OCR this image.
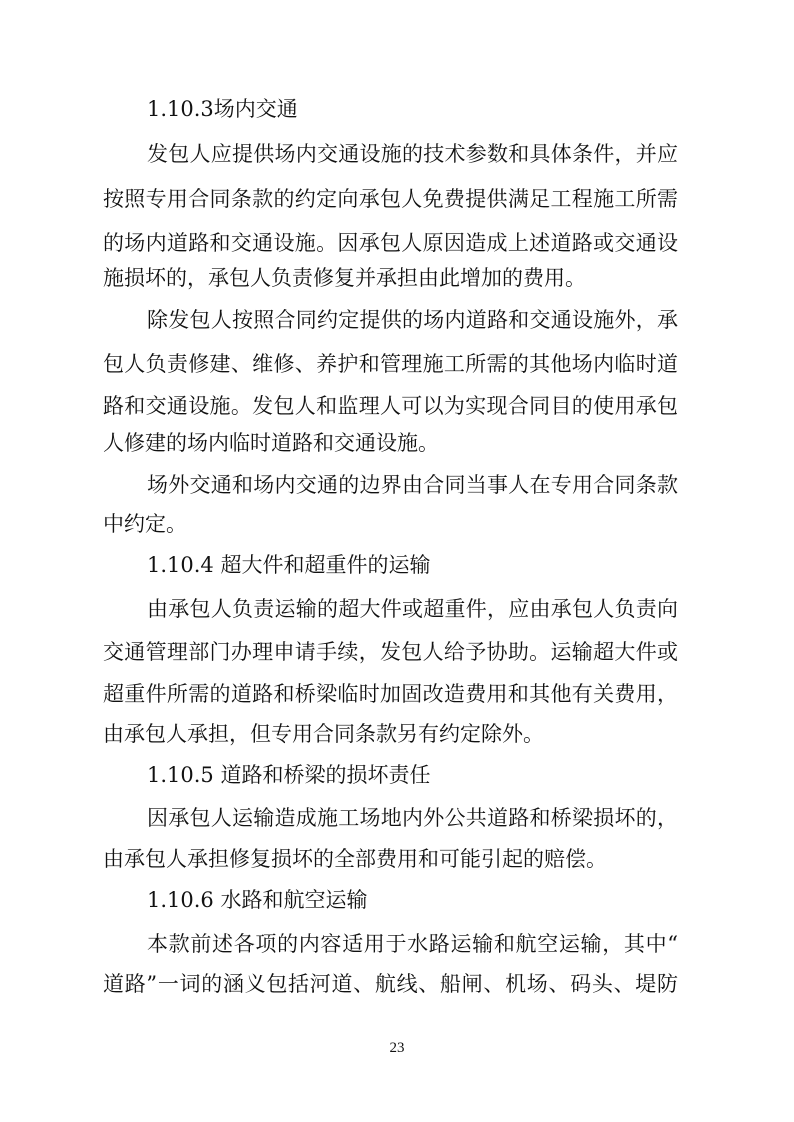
1.10.3场内交通
发包人应提供场内交通设施的技术参数和具体条件，并应
按照专用合同条款的约定向承包人免费提供满足工程施工所需
的场内道路和交通设施。因承包人原因造成上述道路或交通设
施损坏的，承包人负责修复并承担由此增加的费用。
除发包人按照合同约定提供的场内道路和交通设施外，承
包人负责修建、维修、养护和管理施工所需的其他场内临时道
路和交通设施。发包人和监理人可以为实现合同目的使用承包
人修建的场内临时道路和交通设施。
场外交通和场内交通的边界由合同当事人在专用合同条款
中约定。
1.10.4 超大件和超重件的运输
由承包人负责运输的超大件或超重件，应由承包人负责向
交通管理部门办理申请手续，发包人给予协助。运输超大件或
超重件所需的道路和桥梁临时加固改造费用和其他有关费用，
由承包人承担，但专用合同条款另有约定除外。
1.10.5 道路和桥梁的损坏责任
因承包人运输造成施工场地内外公共道路和桥梁损坏的，
由承包人承担修复损坏的全部费用和可能引起的赔偿。
1.10.6 水路和航空运输
本款前述各项的内容适用于水路运输和航空运输，其中“
道路”一词的涵义包括河道、航线、船闸、机场、码头、堤防
23
